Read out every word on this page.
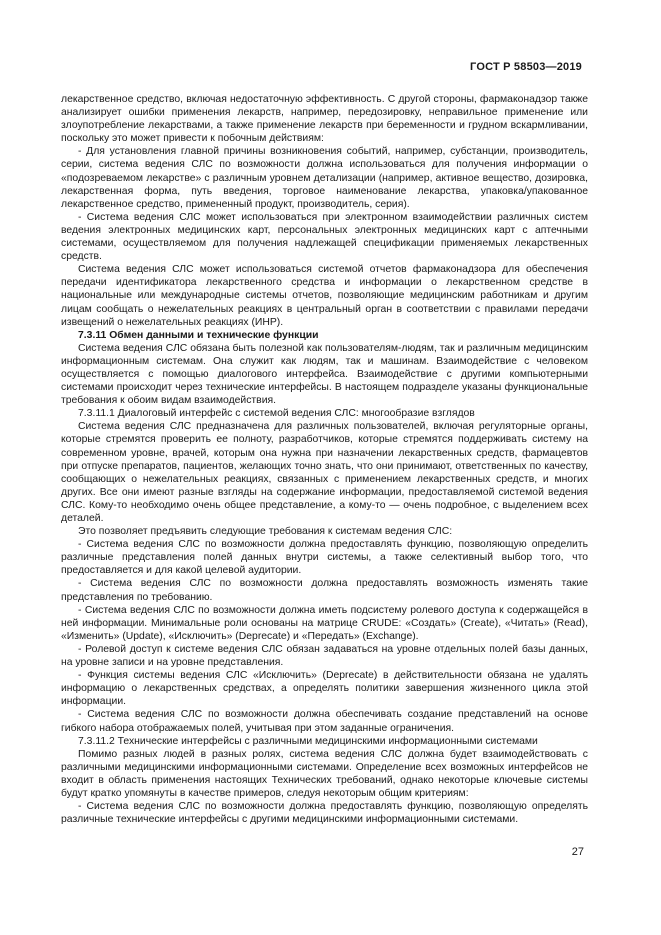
ГОСТ Р 58503—2019

лекарственное средство, включая недостаточную эффективность. С другой стороны, фармаконадзор также анализирует ошибки применения лекарств, например, передозировку, неправильное применение или злоупотребление лекарствами, а также применение лекарств при беременности и грудном вскармливании, поскольку это может привести к побочным действиям:

- Для установления главной причины возникновения событий, например, субстанции, производитель, серии, система ведения СЛС по возможности должна использоваться для получения информации о «подозреваемом лекарстве» с различным уровнем детализации (например, активное вещество, дозировка, лекарственная форма, путь введения, торговое наименование лекарства, упаковка/упакованное лекарственное средство, примененный продукт, производитель, серия).

- Система ведения СЛС может использоваться при электронном взаимодействии различных систем ведения электронных медицинских карт, персональных электронных медицинских карт с аптечными системами, осуществляемом для получения надлежащей спецификации применяемых лекарственных средств.

Система ведения СЛС может использоваться системой отчетов фармаконадзора для обеспечения передачи идентификатора лекарственного средства и информации о лекарственном средстве в национальные или международные системы отчетов, позволяющие медицинским работникам и другим лицам сообщать о нежелательных реакциях в центральный орган в соответствии с правилами передачи извещений о нежелательных реакциях (ИНР).

7.3.11 Обмен данными и технические функции

Система ведения СЛС обязана быть полезной как пользователям-людям, так и различным медицинским информационным системам. Она служит как людям, так и машинам. Взаимодействие с человеком осуществляется с помощью диалогового интерфейса. Взаимодействие с другими компьютерными системами происходит через технические интерфейсы. В настоящем подразделе указаны функциональные требования к обоим видам взаимодействия.

7.3.11.1 Диалоговый интерфейс с системой ведения СЛС: многообразие взглядов

Система ведения СЛС предназначена для различных пользователей, включая регуляторные органы, которые стремятся проверить ее полноту, разработчиков, которые стремятся поддерживать систему на современном уровне, врачей, которым она нужна при назначении лекарственных средств, фармацевтов при отпуске препаратов, пациентов, желающих точно знать, что они принимают, ответственных по качеству, сообщающих о нежелательных реакциях, связанных с применением лекарственных средств, и многих других. Все они имеют разные взгляды на содержание информации, предоставляемой системой ведения СЛС. Кому-то необходимо очень общее представление, а кому-то — очень подробное, с выделением всех деталей.

Это позволяет предъявить следующие требования к системам ведения СЛС:

- Система ведения СЛС по возможности должна предоставлять функцию, позволяющую определить различные представления полей данных внутри системы, а также селективный выбор того, что предоставляется и для какой целевой аудитории.

- Система ведения СЛС по возможности должна предоставлять возможность изменять такие представления по требованию.

- Система ведения СЛС по возможности должна иметь подсистему ролевого доступа к содержащейся в ней информации. Минимальные роли основаны на матрице CRUDE: «Создать» (Create), «Читать» (Read), «Изменить» (Update), «Исключить» (Deprecate) и «Передать» (Exchange).

- Ролевой доступ к системе ведения СЛС обязан задаваться на уровне отдельных полей базы данных, на уровне записи и на уровне представления.

- Функция системы ведения СЛС «Исключить» (Deprecate) в действительности обязана не удалять информацию о лекарственных средствах, а определять политики завершения жизненного цикла этой информации.

- Система ведения СЛС по возможности должна обеспечивать создание представлений на основе гибкого набора отображаемых полей, учитывая при этом заданные ограничения.

7.3.11.2 Технические интерфейсы с различными медицинскими информационными системами

Помимо разных людей в разных ролях, система ведения СЛС должна будет взаимодействовать с различными медицинскими информационными системами. Определение всех возможных интерфейсов не входит в область применения настоящих Технических требований, однако некоторые ключевые системы будут кратко упомянуты в качестве примеров, следуя некоторым общим критериям:

- Система ведения СЛС по возможности должна предоставлять функцию, позволяющую определять различные технические интерфейсы с другими медицинскими информационными системами.

27
